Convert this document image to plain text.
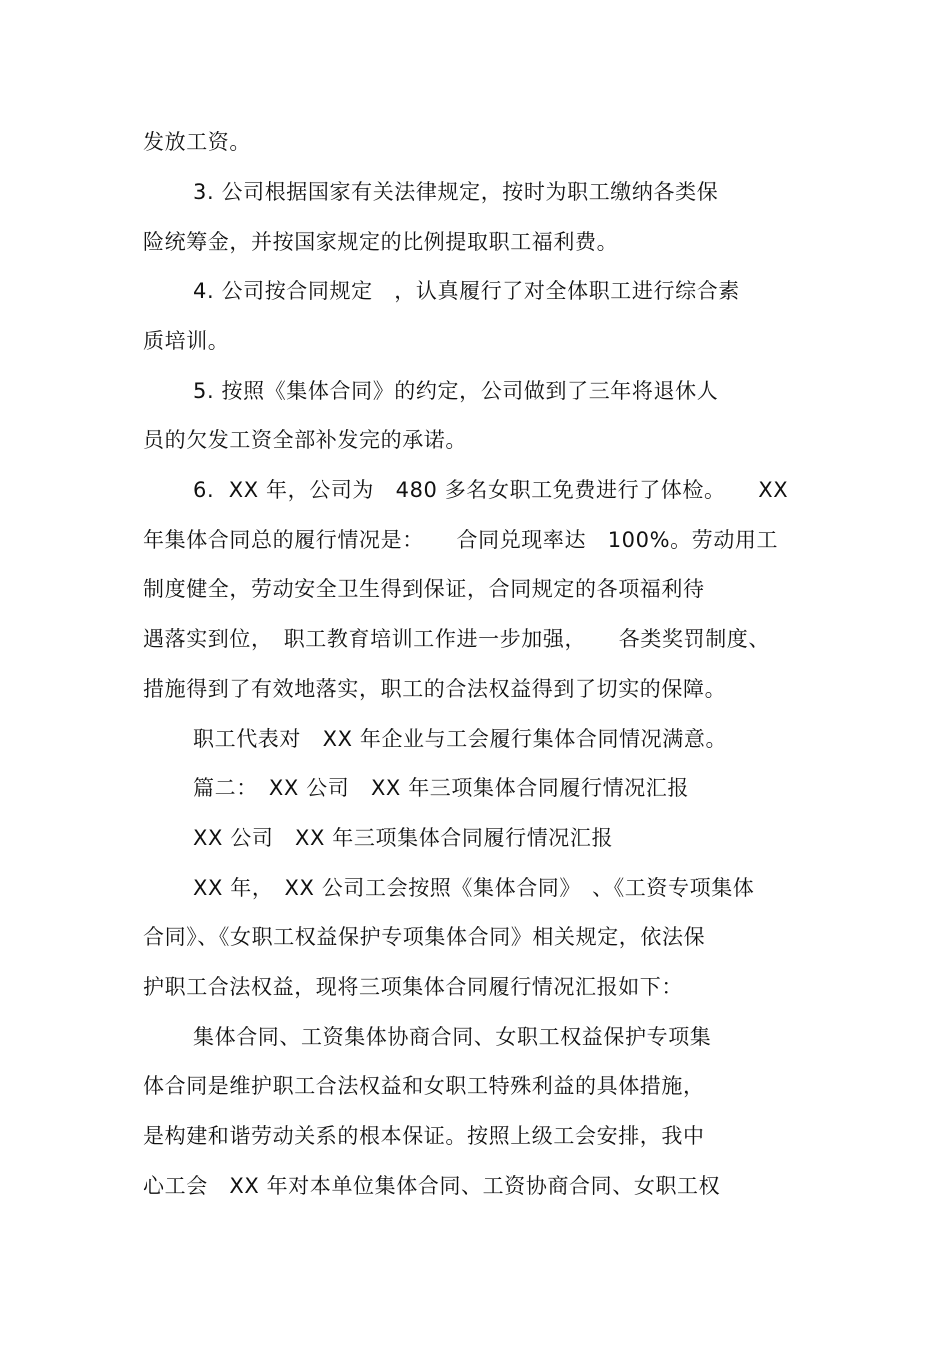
发放工资。
3. 公司根据国家有关法律规定，按时为职工缴纳各类保
险统筹金，并按国家规定的比例提取职工福利费。
4. 公司按合同规定　，认真履行了对全体职工进行综合素
质培训。
5. 按照《集体合同》的约定，公司做到了三年将退休人
员的欠发工资全部补发完的承诺。
6.  XX 年，公司为　480 多名女职工免费进行了体检。　　XX
年集体合同总的履行情况是：　　合同兑现率达　100%。劳动用工
制度健全，劳动安全卫生得到保证，合同规定的各项福利待
遇落实到位，　职工教育培训工作进一步加强，　　各类奖罚制度、
措施得到了有效地落实，职工的合法权益得到了切实的保障。
职工代表对　XX 年企业与工会履行集体合同情况满意。
篇二：　XX 公司　XX 年三项集体合同履行情况汇报
XX 公司　XX 年三项集体合同履行情况汇报
XX 年，　XX 公司工会按照《集体合同》　、《工资专项集体
合同》、《女职工权益保护专项集体合同》相关规定，依法保
护职工合法权益，现将三项集体合同履行情况汇报如下：
集体合同、工资集体协商合同、女职工权益保护专项集
体合同是维护职工合法权益和女职工特殊利益的具体措施，
是构建和谐劳动关系的根本保证。按照上级工会安排，我中
心工会　XX 年对本单位集体合同、工资协商合同、女职工权
